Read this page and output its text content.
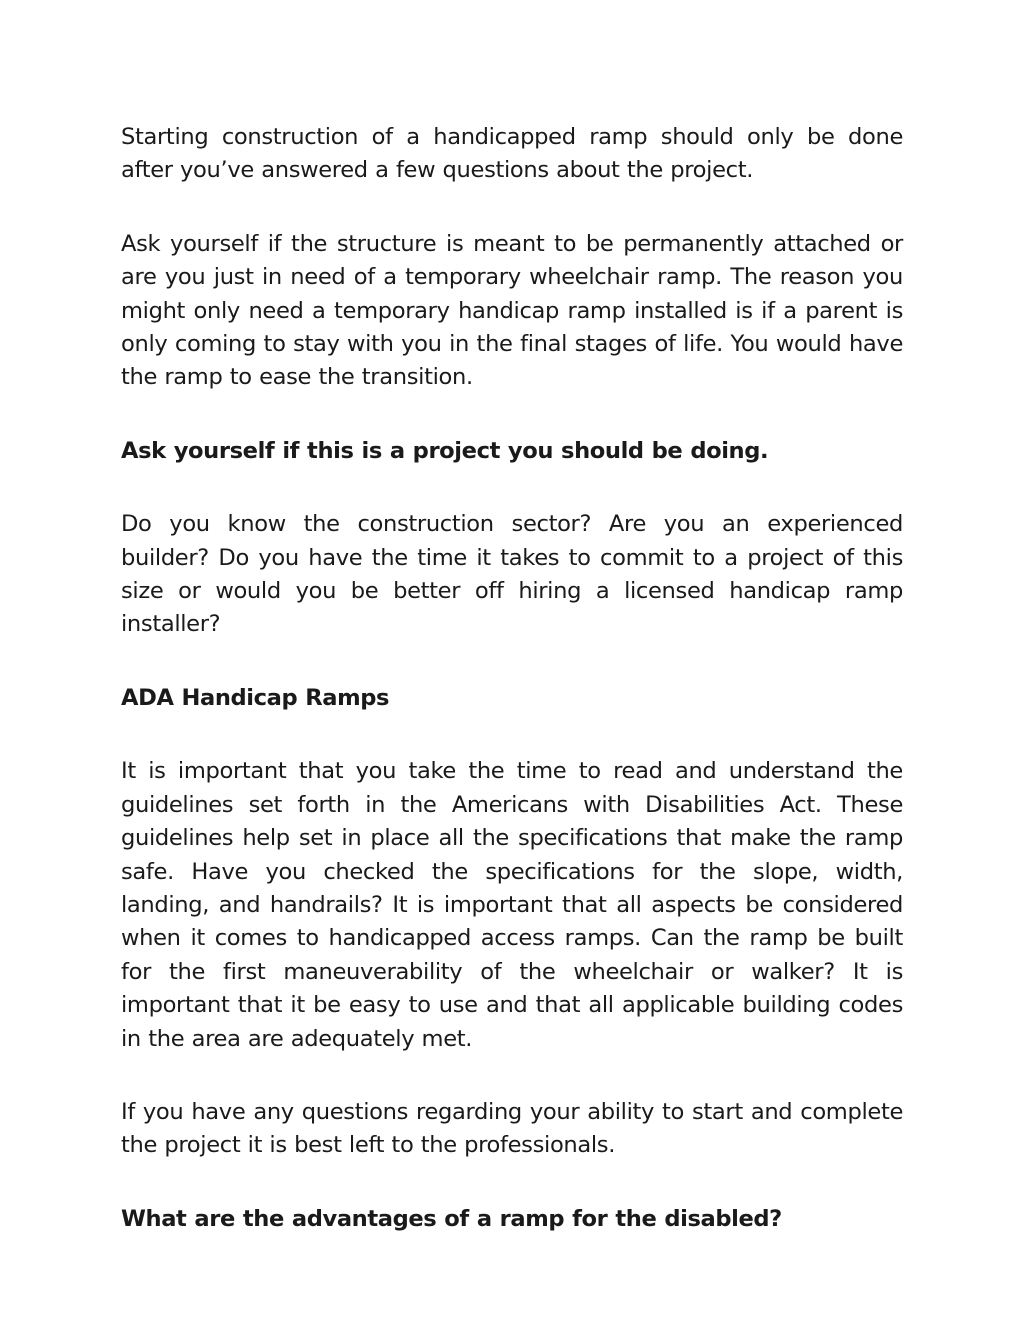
Starting construction of a handicapped ramp should only be done after you’ve answered a few questions about the project.

Ask yourself if the structure is meant to be permanently attached or are you just in need of a temporary wheelchair ramp. The reason you might only need a temporary handicap ramp installed is if a parent is only coming to stay with you in the final stages of life. You would have the ramp to ease the transition.

Ask yourself if this is a project you should be doing.

Do you know the construction sector? Are you an experienced builder? Do you have the time it takes to commit to a project of this size or would you be better off hiring a licensed handicap ramp installer?

ADA Handicap Ramps

It is important that you take the time to read and understand the guidelines set forth in the Americans with Disabilities Act. These guidelines help set in place all the specifications that make the ramp safe. Have you checked the specifications for the slope, width, landing, and handrails? It is important that all aspects be considered when it comes to handicapped access ramps. Can the ramp be built for the first maneuverability of the wheelchair or walker? It is important that it be easy to use and that all applicable building codes in the area are adequately met.

If you have any questions regarding your ability to start and complete the project it is best left to the professionals.

What are the advantages of a ramp for the disabled?
